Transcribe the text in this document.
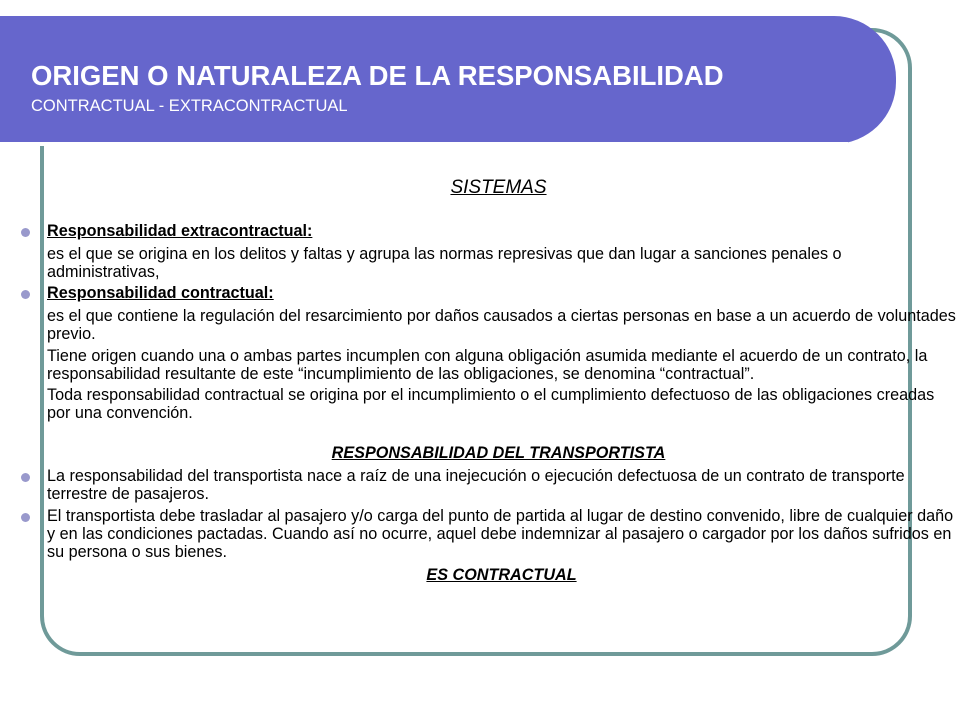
ORIGEN O NATURALEZA DE LA RESPONSABILIDAD

CONTRACTUAL - EXTRACONTRACTUAL

SISTEMAS
Responsabilidad extracontractual:
es el que se origina en los delitos y faltas y agrupa las normas represivas que dan lugar a sanciones penales o administrativas,
Responsabilidad contractual:
es el que contiene la regulación del resarcimiento por daños causados a ciertas personas en base a un acuerdo de voluntades previo.
Tiene origen cuando una o ambas partes incumplen con alguna obligación asumida mediante el acuerdo de un contrato, la responsabilidad resultante de este “incumplimiento de las obligaciones, se denomina “contractual”.
Toda responsabilidad contractual se origina por el incumplimiento o el cumplimiento defectuoso de las obligaciones creadas por una convención.
RESPONSABILIDAD DEL TRANSPORTISTA
La responsabilidad del transportista nace a raíz de una inejecución o ejecución defectuosa de un contrato de transporte terrestre de pasajeros.
El transportista debe trasladar al pasajero y/o carga del punto de partida al lugar de destino convenido, libre de cualquier daño y en las condiciones pactadas. Cuando así no ocurre, aquel debe indemnizar al pasajero o cargador por los daños sufridos en su persona o sus bienes.
ES CONTRACTUAL
